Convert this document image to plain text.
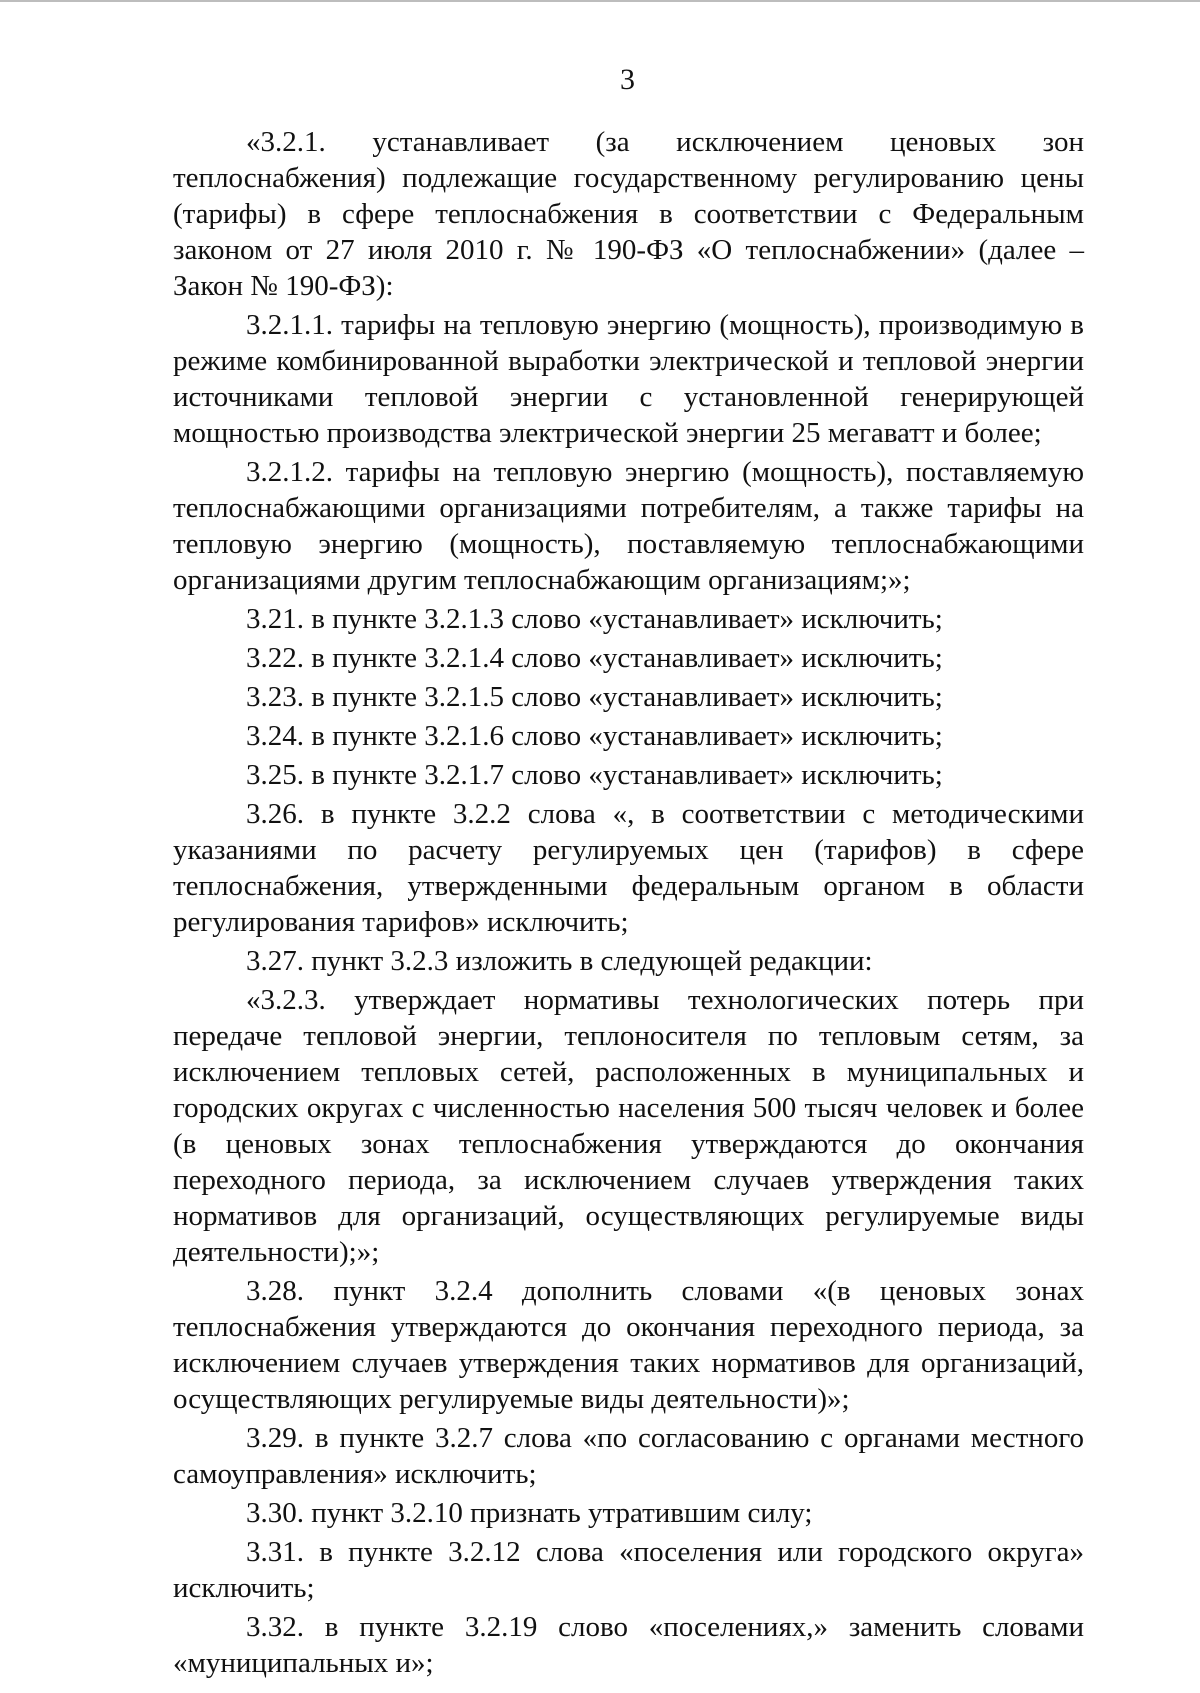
3

«3.2.1. устанавливает (за исключением ценовых зон теплоснабжения) подлежащие государственному регулированию цены (тарифы) в сфере теплоснабжения в соответствии с Федеральным законом от 27 июля 2010 г. № 190-ФЗ «О теплоснабжении» (далее – Закон № 190-ФЗ):

3.2.1.1. тарифы на тепловую энергию (мощность), производимую в режиме комбинированной выработки электрической и тепловой энергии источниками тепловой энергии с установленной генерирующей мощностью производства электрической энергии 25 мегаватт и более;

3.2.1.2. тарифы на тепловую энергию (мощность), поставляемую теплоснабжающими организациями потребителям, а также тарифы на тепловую энергию (мощность), поставляемую теплоснабжающими организациями другим теплоснабжающим организациям;»;

3.21. в пункте 3.2.1.3 слово «устанавливает» исключить;

3.22. в пункте 3.2.1.4 слово «устанавливает» исключить;

3.23. в пункте 3.2.1.5 слово «устанавливает» исключить;

3.24. в пункте 3.2.1.6 слово «устанавливает» исключить;

3.25. в пункте 3.2.1.7 слово «устанавливает» исключить;

3.26. в пункте 3.2.2 слова «, в соответствии с методическими указаниями по расчету регулируемых цен (тарифов) в сфере теплоснабжения, утвержденными федеральным органом в области регулирования тарифов» исключить;

3.27. пункт 3.2.3 изложить в следующей редакции:

«3.2.3. утверждает нормативы технологических потерь при передаче тепловой энергии, теплоносителя по тепловым сетям, за исключением тепловых сетей, расположенных в муниципальных и городских округах с численностью населения 500 тысяч человек и более (в ценовых зонах теплоснабжения утверждаются до окончания переходного периода, за исключением случаев утверждения таких нормативов для организаций, осуществляющих регулируемые виды деятельности);»;

3.28. пункт 3.2.4 дополнить словами «(в ценовых зонах теплоснабжения утверждаются до окончания переходного периода, за исключением случаев утверждения таких нормативов для организаций, осуществляющих регулируемые виды деятельности)»;

3.29. в пункте 3.2.7 слова «по согласованию с органами местного самоуправления» исключить;

3.30. пункт 3.2.10 признать утратившим силу;

3.31. в пункте 3.2.12 слова «поселения или городского округа» исключить;

3.32. в пункте 3.2.19 слово «поселениях,» заменить словами «муниципальных и»;
